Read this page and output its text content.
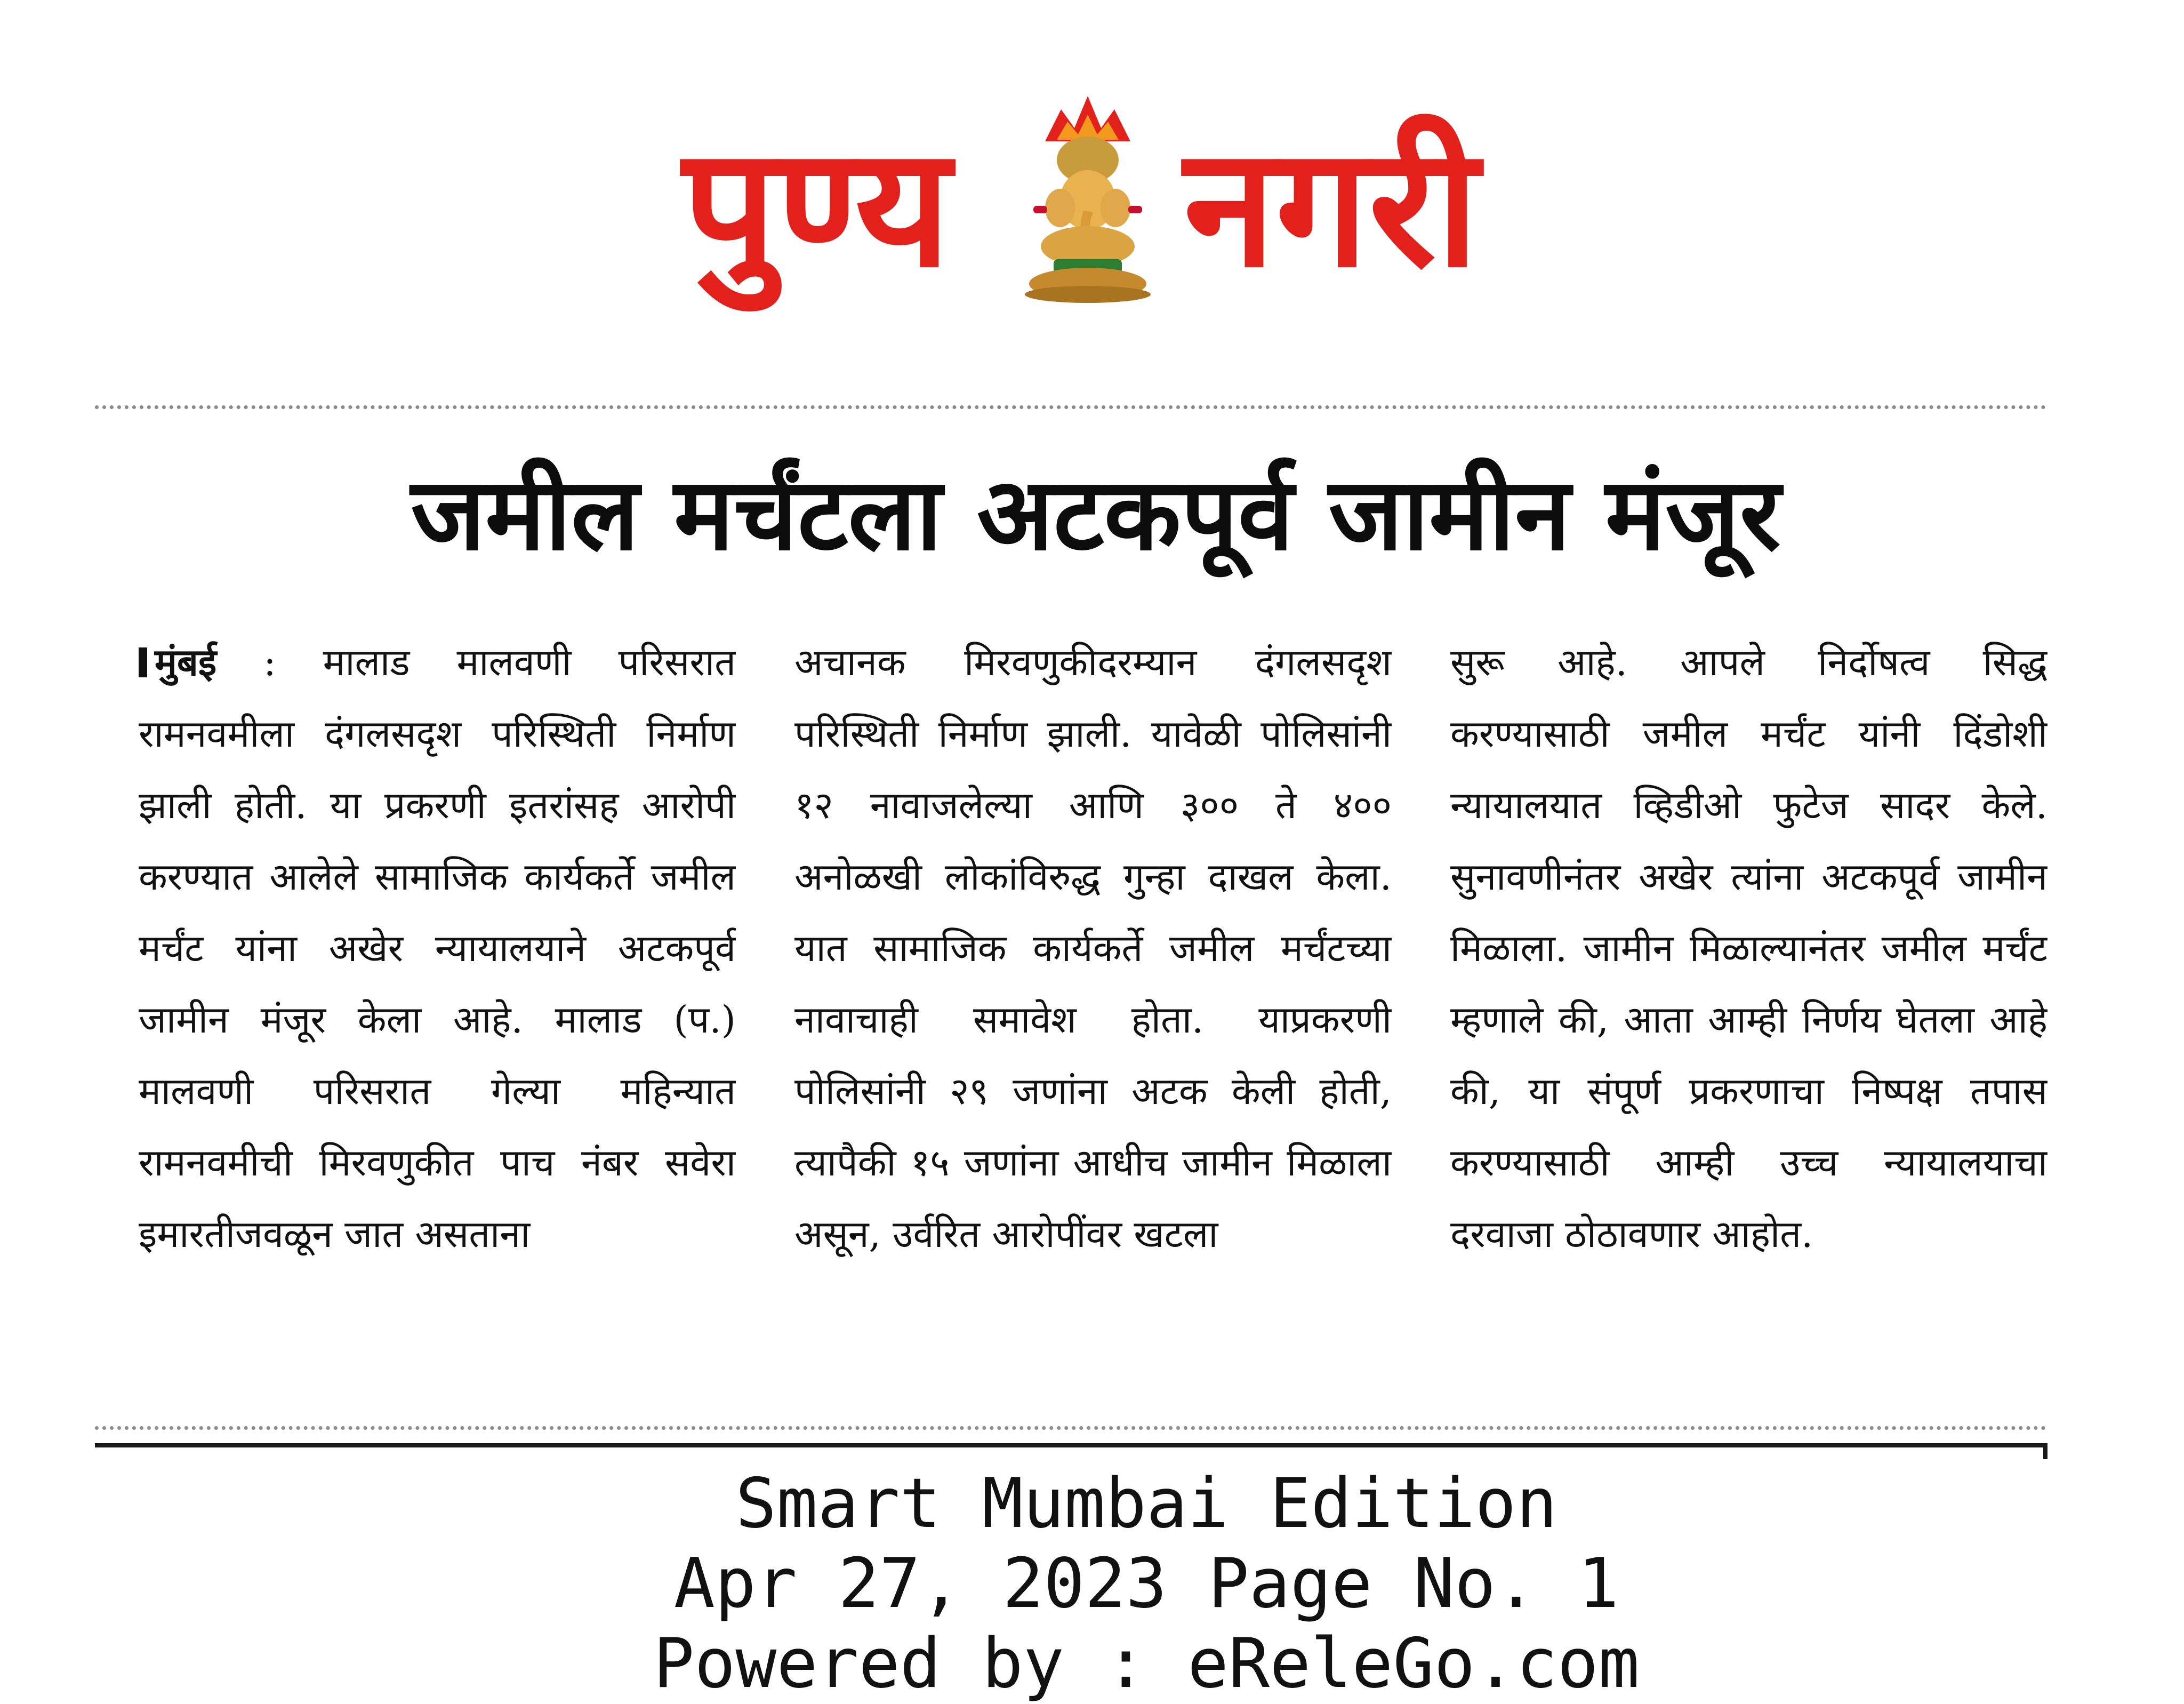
पुण्य नगरी
जमील मर्चंटला अटकपूर्व जामीन मंजूर

मुंबई : मालाड मालवणी परिसरात रामनवमीला दंगलसदृश परिस्थिती निर्माण झाली होती. या प्रकरणी इतरांसह आरोपी करण्यात आलेले सामाजिक कार्यकर्ते जमील मर्चंट यांना अखेर न्यायालयाने अटकपूर्व जामीन मंजूर केला आहे. मालाड (प.) मालवणी परिसरात गेल्या महिन्यात रामनवमीची मिरवणुकीत पाच नंबर सवेरा इमारतीजवळून जात असताना

अचानक मिरवणुकीदरम्यान दंगलसदृश परिस्थिती निर्माण झाली. यावेळी पोलिसांनी १२ नावाजलेल्या आणि ३०० ते ४०० अनोळखी लोकांविरुद्ध गुन्हा दाखल केला. यात सामाजिक कार्यकर्ते जमील मर्चंटच्या नावाचाही समावेश होता. याप्रकरणी पोलिसांनी २९ जणांना अटक केली होती, त्यापैकी १५ जणांना आधीच जामीन मिळाला असून, उर्वरित आरोपींवर खटला

सुरू आहे. आपले निर्दोषत्व सिद्ध करण्यासाठी जमील मर्चंट यांनी दिंडोशी न्यायालयात व्हिडीओ फुटेज सादर केले. सुनावणीनंतर अखेर त्यांना अटकपूर्व जामीन मिळाला. जामीन मिळाल्यानंतर जमील मर्चंट म्हणाले की, आता आम्ही निर्णय घेतला आहे की, या संपूर्ण प्रकरणाचा निष्पक्ष तपास करण्यासाठी आम्ही उच्च न्यायालयाचा दरवाजा ठोठावणार आहोत.

Smart Mumbai Edition

Apr 27, 2023 Page No. 1

Powered by : eReleGo.com
